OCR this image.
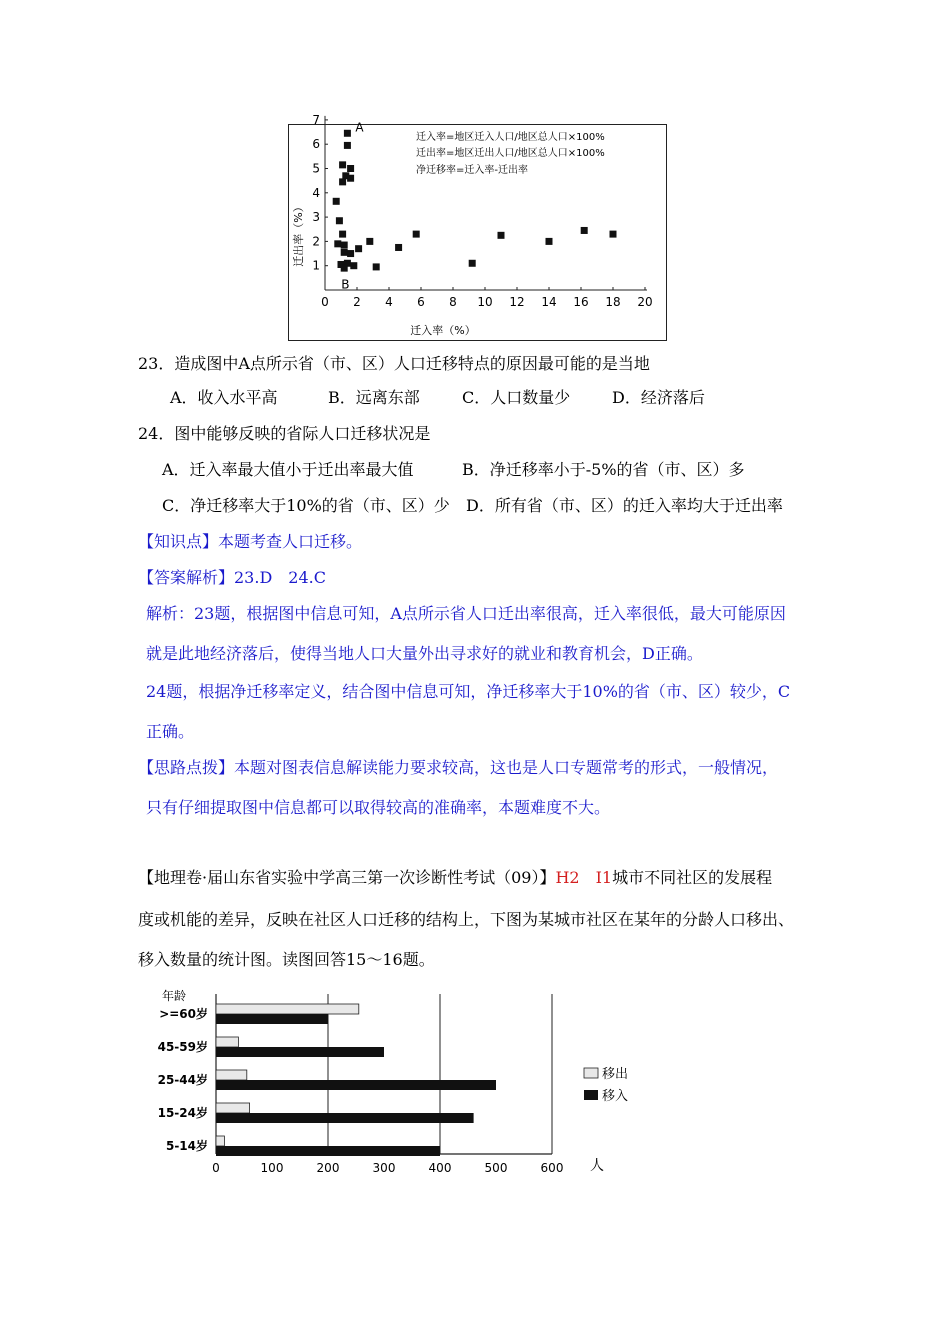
0 2 4 6 8 10 12 14 16 18 20
1
2
3
4
5
6
7
A
B
迁入率=地区迁入人口/地区总人口×100%
迁出率=地区迁出人口/地区总人口×100%
净迁移率=迁入率-迁出率
迁入率（%）
迁出率（%）
23．造成图中A点所示省（市、区）人口迁移特点的原因最可能的是当地
A．收入水平高	B．远离东部	C．人口数量少	D．经济落后
24．图中能够反映的省际人口迁移状况是
A．迁入率最大值小于迁出率最大值	B．净迁移率小于-5%的省（市、区）多
C．净迁移率大于10%的省（市、区）少 D．所有省（市、区）的迁入率均大于迁出率
【知识点】本题考查人口迁移。
【答案解析】23.D　24.C
解析：23题，根据图中信息可知，A点所示省人口迁出率很高，迁入率很低，最大可能原因
就是此地经济落后，使得当地人口大量外出寻求好的就业和教育机会，D正确。
24题，根据净迁移率定义，结合图中信息可知，净迁移率大于10%的省（市、区）较少，C
正确。
【思路点拨】本题对图表信息解读能力要求较高，这也是人口专题常考的形式，一般情况，
只有仔细提取图中信息都可以取得较高的准确率，本题难度不大。
【地理卷·届山东省实验中学高三第一次诊断性考试（09）】H2　 I1城市不同社区的发展程
度或机能的差异，反映在社区人口迁移的结构上，下图为某城市社区在某年的分龄人口移出、
移入数量的统计图。读图回答15～16题。
年龄
0	100	200	300	400	500	600
>=60岁
45-59岁
25-44岁
15-24岁
5-14岁
移出
移入
人
